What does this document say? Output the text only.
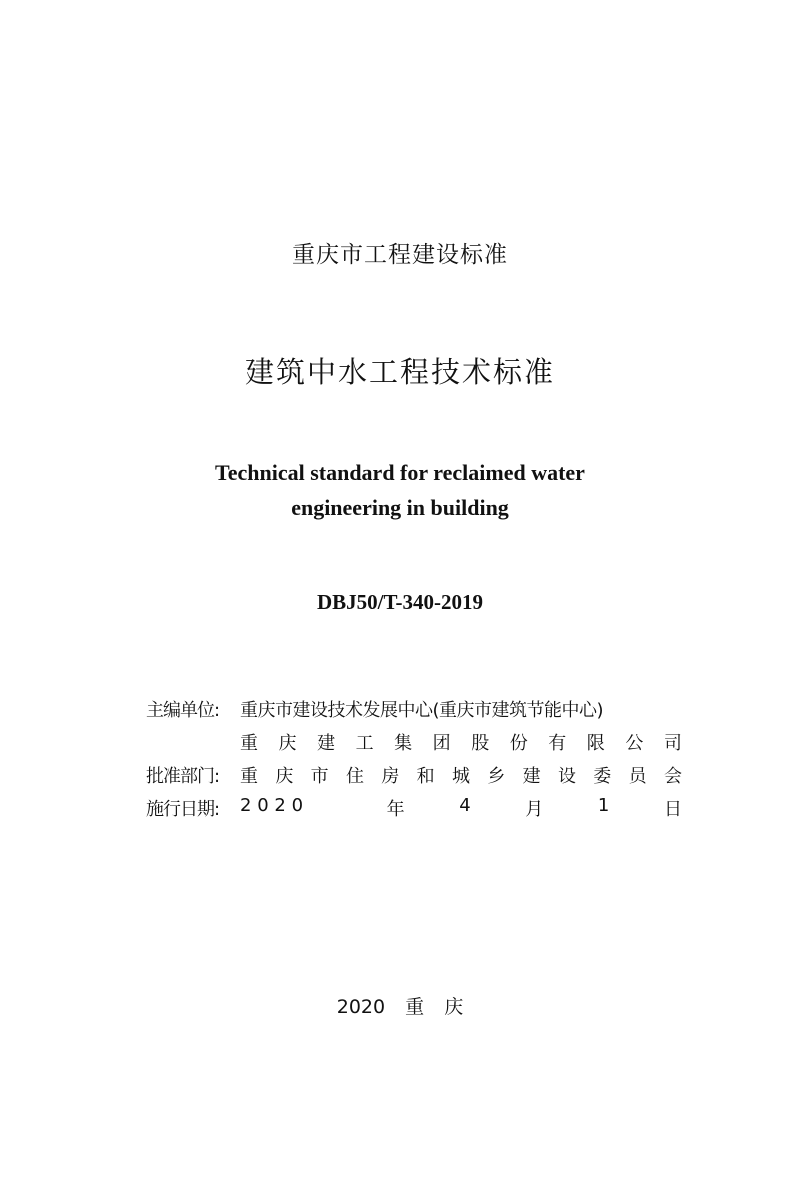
重庆市工程建设标准
建筑中水工程技术标准
Technical standard for reclaimed water
engineering in building
DBJ50/T-340-2019
主编单位:	重庆市建设技术发展中心(重庆市建筑节能中心)
重 庆 建 工 集 团 股 份 有 限 公 司
批准部门:	重 庆 市 住 房 和 城 乡 建 设 委 员 会
施行日期:	2 0 2 0	年	4	月	1	日
2020 重 庆
